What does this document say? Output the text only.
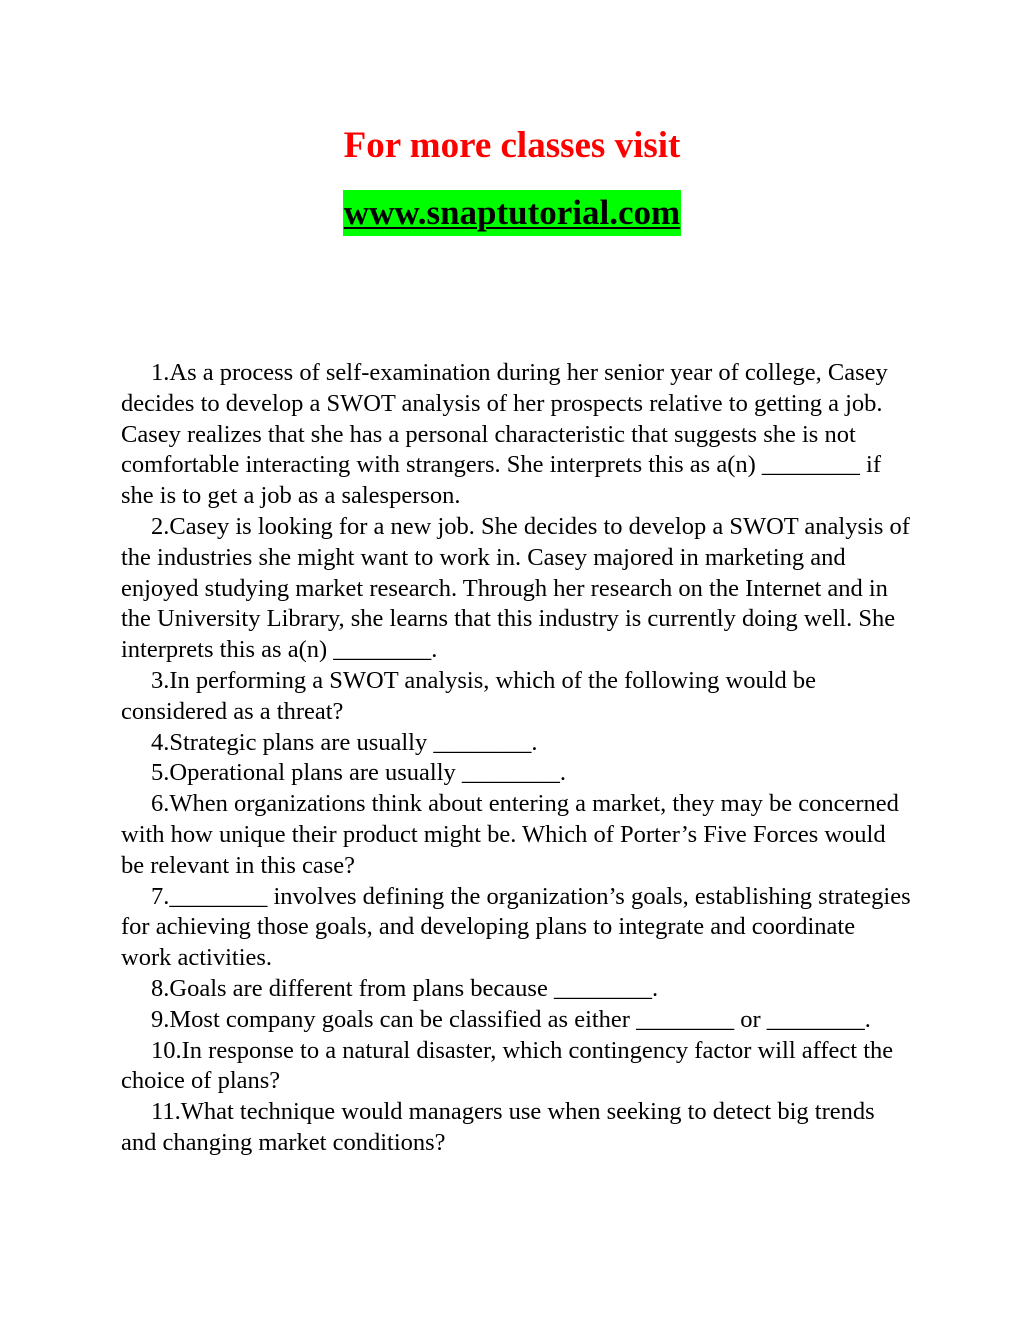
For more classes visit
www.snaptutorial.com

1.As a process of self-examination during her senior year of college, Casey decides to develop a SWOT analysis of her prospects relative to getting a job. Casey realizes that she has a personal characteristic that suggests she is not comfortable interacting with strangers. She interprets this as a(n) ________ if she is to get a job as a salesperson.

2.Casey is looking for a new job. She decides to develop a SWOT analysis of the industries she might want to work in. Casey majored in marketing and enjoyed studying market research. Through her research on the Internet and in the University Library, she learns that this industry is currently doing well. She interprets this as a(n) ________.

3.In performing a SWOT analysis, which of the following would be considered as a threat?

4.Strategic plans are usually ________.

5.Operational plans are usually ________.

6.When organizations think about entering a market, they may be concerned with how unique their product might be. Which of Porter’s Five Forces would be relevant in this case?

7.________ involves defining the organization’s goals, establishing strategies for achieving those goals, and developing plans to integrate and coordinate work activities.

8.Goals are different from plans because ________.

9.Most company goals can be classified as either ________ or ________.

10.In response to a natural disaster, which contingency factor will affect the choice of plans?

11.What technique would managers use when seeking to detect big trends and changing market conditions?
